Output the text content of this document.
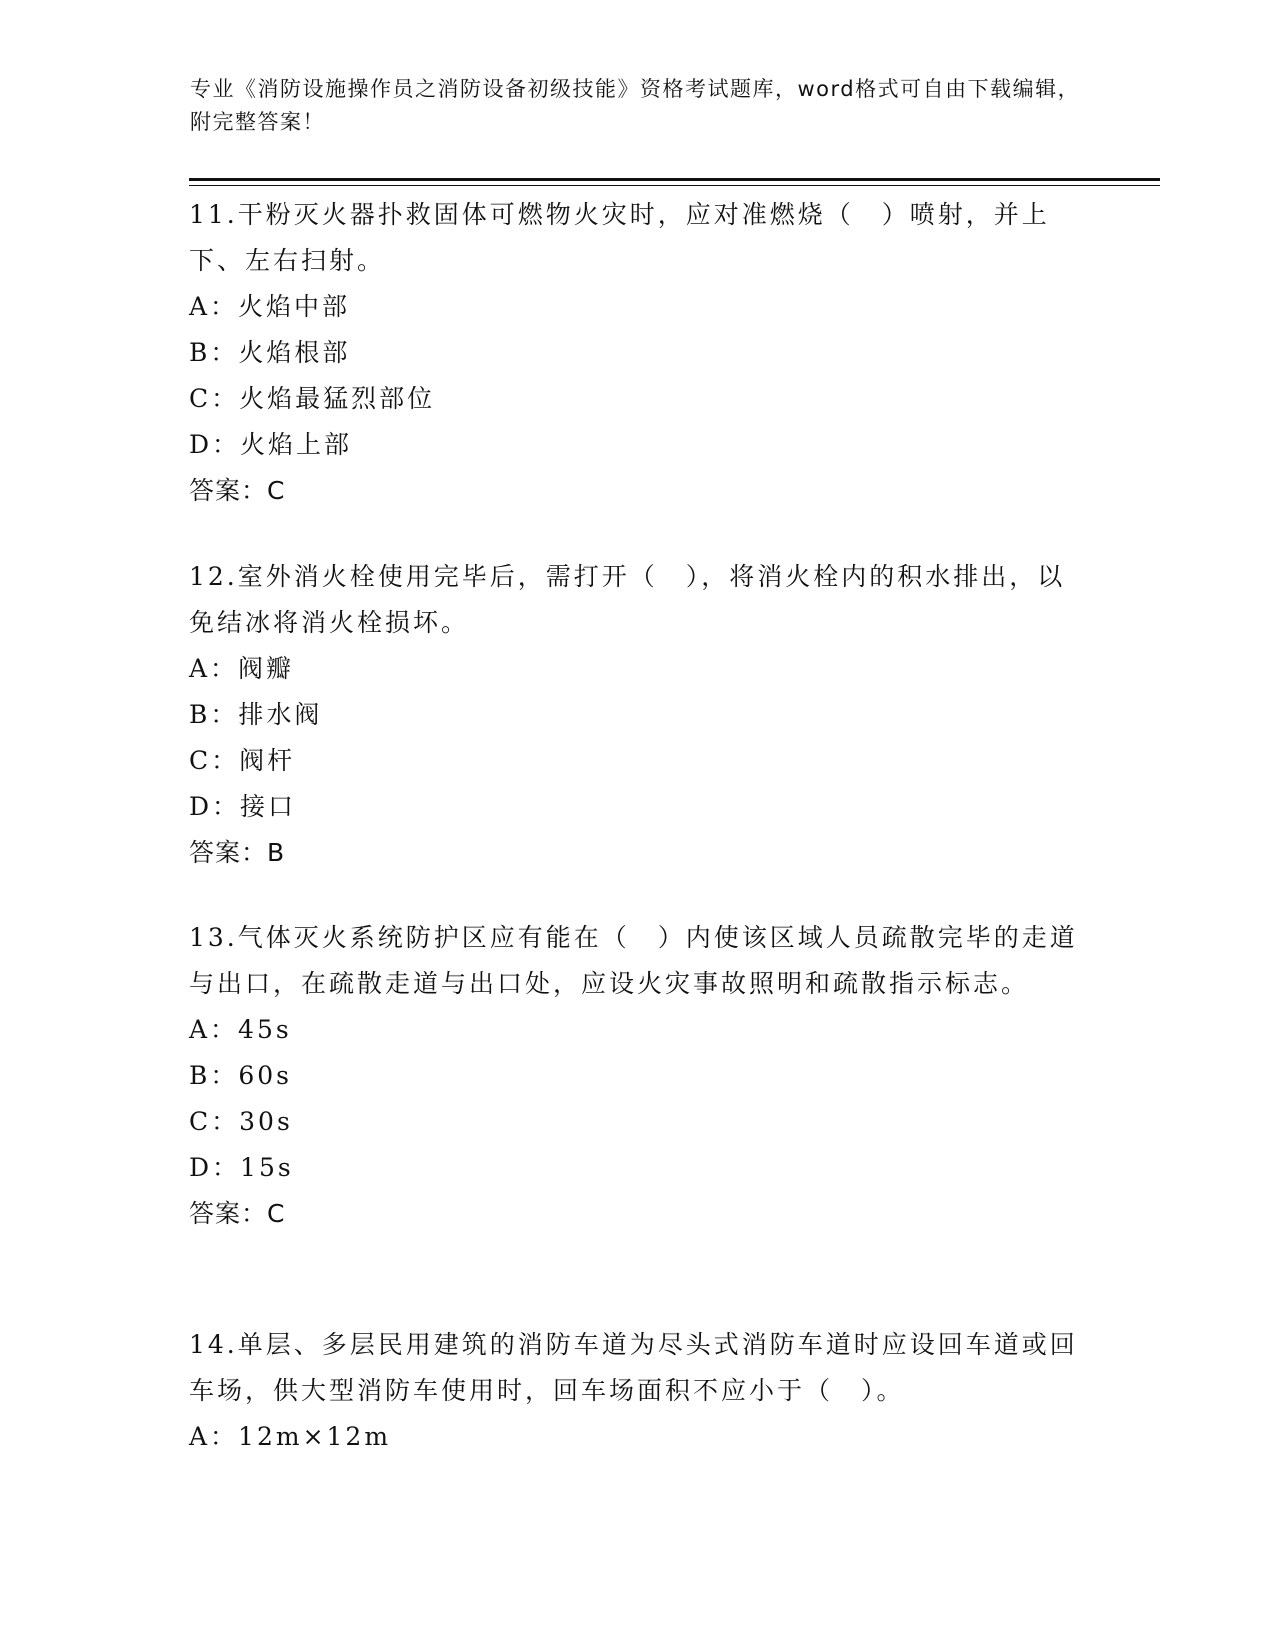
专业《消防设施操作员之消防设备初级技能》资格考试题库，word格式可自由下载编辑，附完整答案！
11.干粉灭火器扑救固体可燃物火灾时，应对准燃烧（　）喷射，并上下、左右扫射。
A：火焰中部
B：火焰根部
C：火焰最猛烈部位
D：火焰上部
答案：C
12.室外消火栓使用完毕后，需打开（　），将消火栓内的积水排出，以免结冰将消火栓损坏。
A：阀瓣
B：排水阀
C：阀杆
D：接口
答案：B
13.气体灭火系统防护区应有能在（　）内使该区域人员疏散完毕的走道与出口，在疏散走道与出口处，应设火灾事故照明和疏散指示标志。
A：45s
B：60s
C：30s
D：15s
答案：C
14.单层、多层民用建筑的消防车道为尽头式消防车道时应设回车道或回车场，供大型消防车使用时，回车场面积不应小于（　）。
A：12m×12m
